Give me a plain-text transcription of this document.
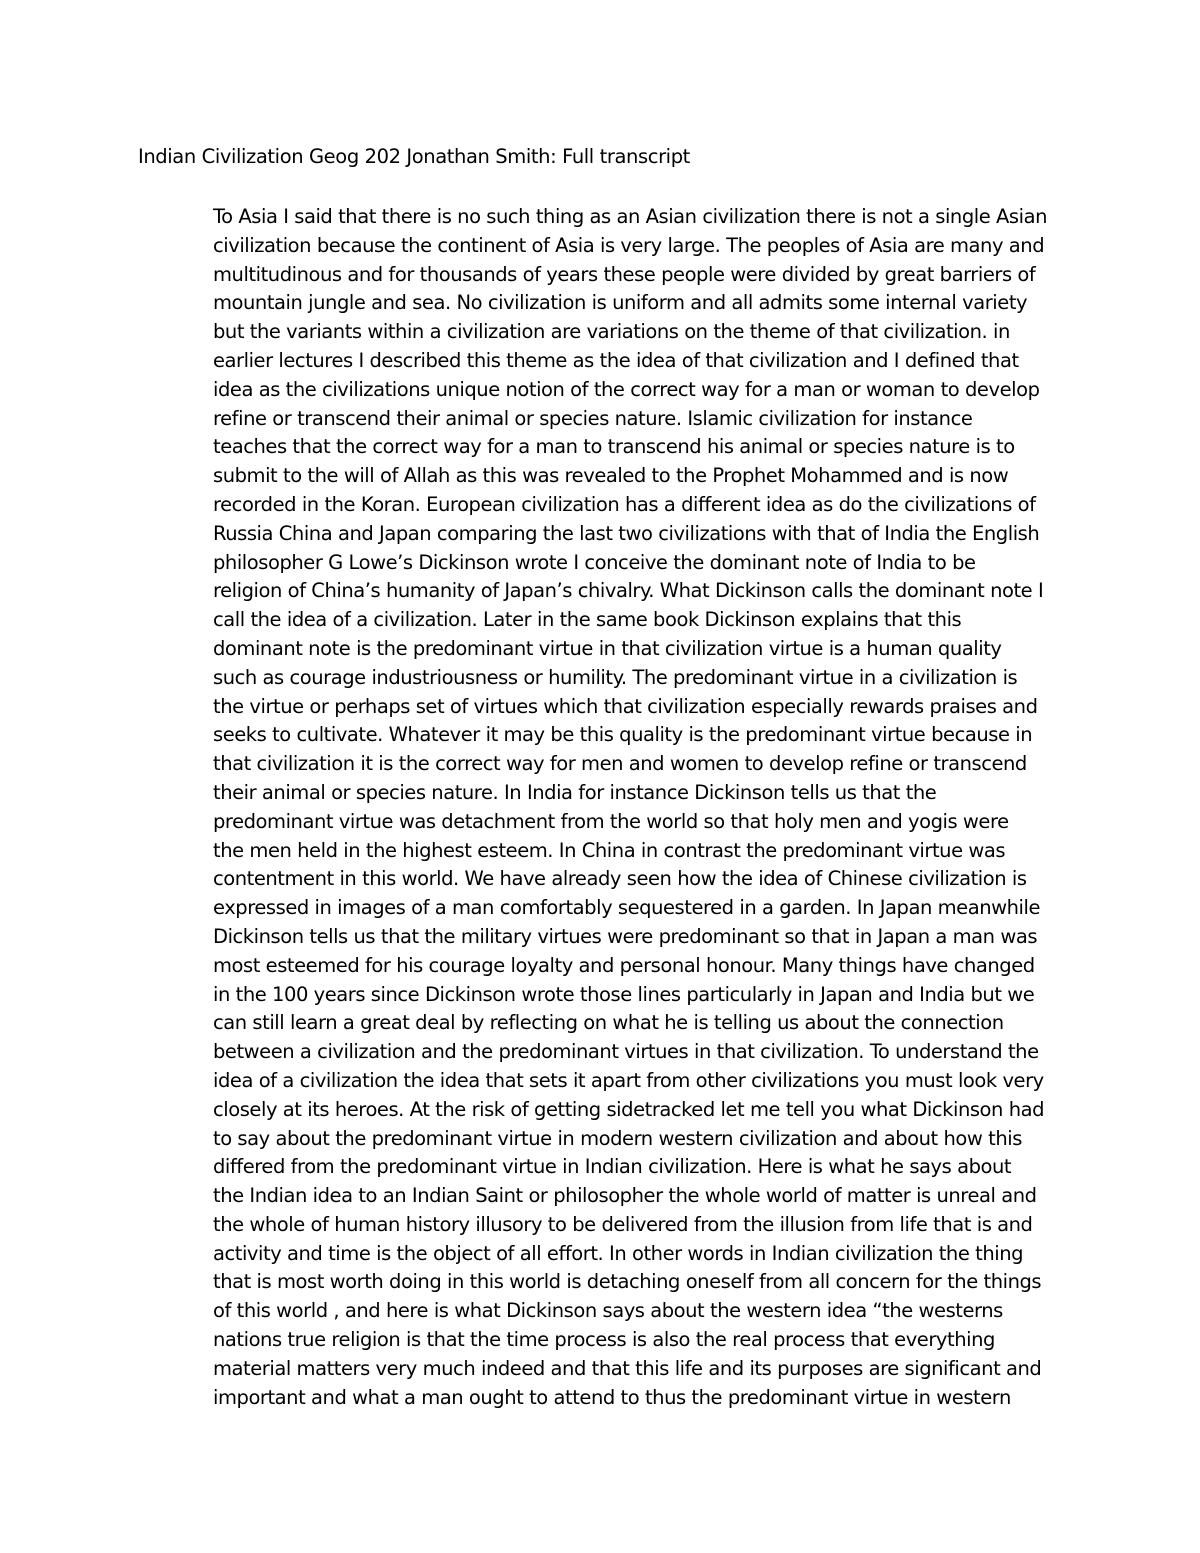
Indian Civilization Geog 202 Jonathan Smith: Full transcript
To Asia I said that there is no such thing as an Asian civilization there is not a single Asian
civilization because the continent of Asia is very large. The peoples of Asia are many and
multitudinous and for thousands of years these people were divided by great barriers of
mountain jungle and sea. No civilization is uniform and all admits some internal variety
but the variants within a civilization are variations on the theme of that civilization. in
earlier lectures I described this theme as the idea of that civilization and I defined that
idea as the civilizations unique notion of the correct way for a man or woman to develop
refine or transcend their animal or species nature. Islamic civilization for instance
teaches that the correct way for a man to transcend his animal or species nature is to
submit to the will of Allah as this was revealed to the Prophet Mohammed and is now
recorded in the Koran. European civilization has a different idea as do the civilizations of
Russia China and Japan comparing the last two civilizations with that of India the English
philosopher G Lowe’s Dickinson wrote I conceive the dominant note of India to be
religion of China’s humanity of Japan’s chivalry. What Dickinson calls the dominant note I
call the idea of a civilization. Later in the same book Dickinson explains that this
dominant note is the predominant virtue in that civilization virtue is a human quality
such as courage industriousness or humility. The predominant virtue in a civilization is
the virtue or perhaps set of virtues which that civilization especially rewards praises and
seeks to cultivate. Whatever it may be this quality is the predominant virtue because in
that civilization it is the correct way for men and women to develop refine or transcend
their animal or species nature. In India for instance Dickinson tells us that the
predominant virtue was detachment from the world so that holy men and yogis were
the men held in the highest esteem. In China in contrast the predominant virtue was
contentment in this world. We have already seen how the idea of Chinese civilization is
expressed in images of a man comfortably sequestered in a garden. In Japan meanwhile
Dickinson tells us that the military virtues were predominant so that in Japan a man was
most esteemed for his courage loyalty and personal honour. Many things have changed
in the 100 years since Dickinson wrote those lines particularly in Japan and India but we
can still learn a great deal by reflecting on what he is telling us about the connection
between a civilization and the predominant virtues in that civilization. To understand the
idea of a civilization the idea that sets it apart from other civilizations you must look very
closely at its heroes. At the risk of getting sidetracked let me tell you what Dickinson had
to say about the predominant virtue in modern western civilization and about how this
differed from the predominant virtue in Indian civilization. Here is what he says about
the Indian idea to an Indian Saint or philosopher the whole world of matter is unreal and
the whole of human history illusory to be delivered from the illusion from life that is and
activity and time is the object of all effort. In other words in Indian civilization the thing
that is most worth doing in this world is detaching oneself from all concern for the things
of this world , and here is what Dickinson says about the western idea “the westerns
nations true religion is that the time process is also the real process that everything
material matters very much indeed and that this life and its purposes are significant and
important and what a man ought to attend to thus the predominant virtue in western
